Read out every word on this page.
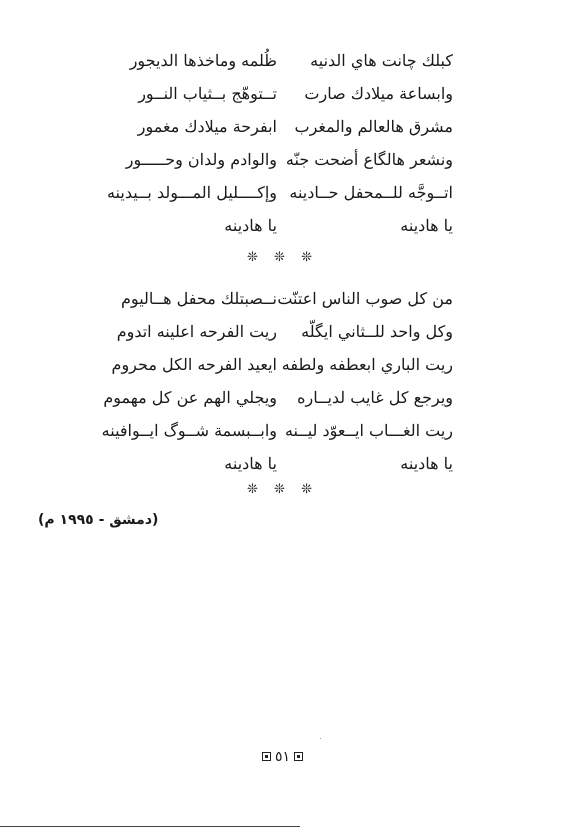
كبلك چانت هاي الدنيه
ظُلمه وماخذها الديجور
وابساعة ميلادك صارت
تــتوهّج بــثياب النــور
مشرق هالعالم والمغرب
ابفرحة ميلادك مغمور
ونشعر هالگاع أضحت جنّه
والوادم ولدان وحـــــور
اتــوجَّه للــمحفل حــادينه
وإكــــليل المـــولد بــيدينه
يا هادينه
يا هادينه
❊ ❊ ❊
من كل صوب الناس اعتنّت
نــصبتلك محفل هــاليوم
وكل واحد للــثاني ايگلّه
ريت الفرحه اعلينه اتدوم
ريت الباري ابعطفه ولطفه
ايعيد الفرحه الكل محروم
ويرجع كل غايب لديــاره
ويجلي الهم عن كل مهموم
ريت الغـــاب ايــعوّد ليــنه
وابــبسمة شــوگ ايــوافينه
يا هادينه
يا هادينه
❊ ❊ ❊
(دمشق - ١٩٩٥ م)
٥١
